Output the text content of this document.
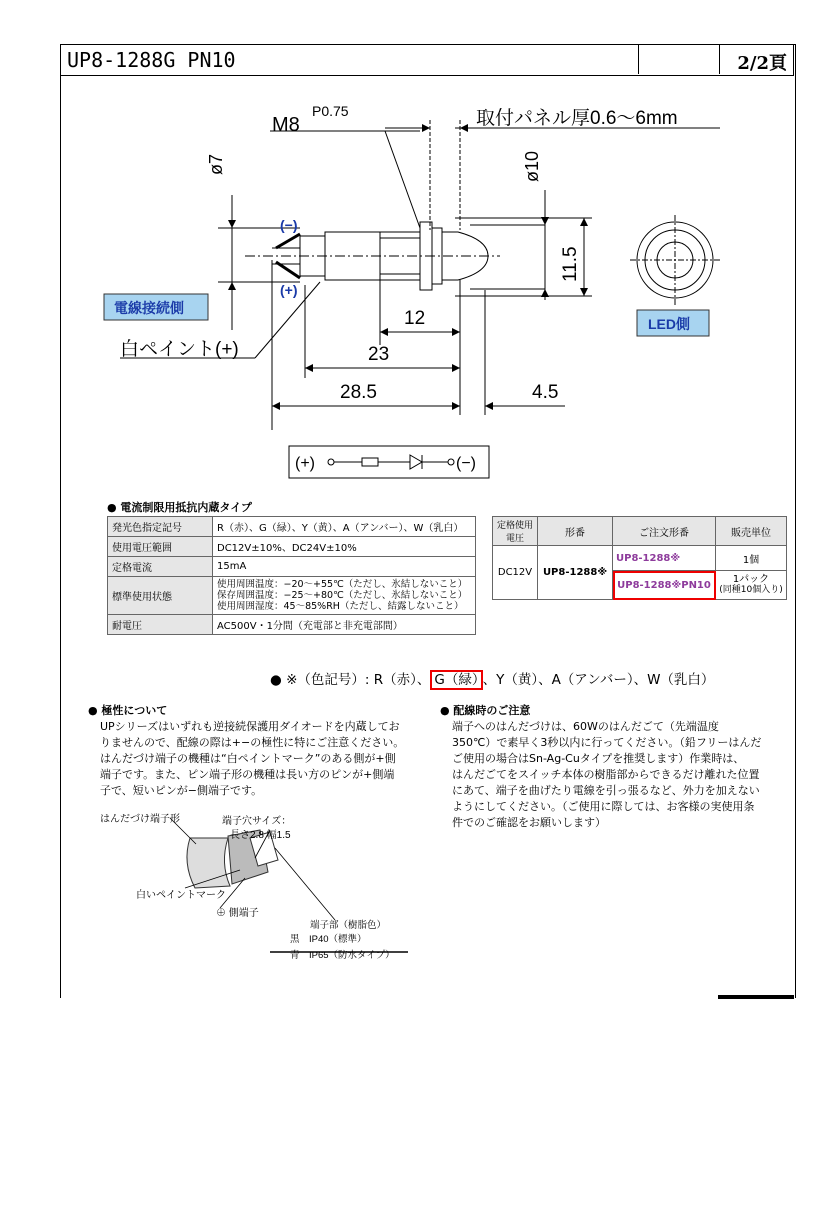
UP8-1288G PN10	2/2頁
M8
P0.75	取付パネル厚0.6～6mm
ø7	ø10
11.5
(−)
(+)
電線接続側
LED側
白ペイント(+)
12
23
28.5	4.5
(+)	(−)
● 電流制限用抵抗内蔵タイプ
発光色指定記号	R（赤）、G（緑）、Y（黄）、A（アンバー）、W（乳白）
使用電圧範囲	DC12V±10%、DC24V±10%
定格電流	15mA
標準使用状態	使用周囲温度：−20～+55℃（ただし、氷結しないこと）
保存周囲温度：−25～+80℃（ただし、氷結しないこと）
使用周囲湿度：45～85%RH（ただし、結露しないこと）

耐電圧	AC500V・1分間（充電部と非充電部間）
定格使用電圧	形番	ご注文形番	販売単位
DC12V	UP8-1288※	UP8-1288※	1個
		UP8-1288※PN10	1パック
(同種10個入り)
● ※（色記号）: R（赤）、 G（緑） 、Y（黄）、A（アンバー）、W（乳白）
● 極性について
UPシリーズはいずれも逆接続保護用ダイオードを内蔵してお
りませんので、配線の際は+−の極性に特にご注意ください。
はんだづけ端子の機種は“白ペイントマーク”のある側が+側
端子です。また、ピン端子形の機種は長い方のピンが+側端
子で、短いピンが−側端子です。
● 配線時のご注意
端子へのはんだづけは、60Wのはんだごて（先端温度
350℃）で素早く3秒以内に行ってください。（鉛フリーはんだ
ご使用の場合はSn-Ag-Cuタイプを推奨します）作業時は、
はんだごてをスイッチ本体の樹脂部からできるだけ離れた位置
にあて、端子を曲げたり電線を引っ張るなど、外力を加えない
ようにしてください。（ご使用に際しては、お客様の実使用条
件でのご確認をお願いします）
はんだづけ端子形	端子穴サイズ：
長さ2.8 幅1.5
白いペイントマーク
⊕ 側端子
端子部（樹脂色）
黒　IP40（標準）
青　IP65（防水タイプ）
